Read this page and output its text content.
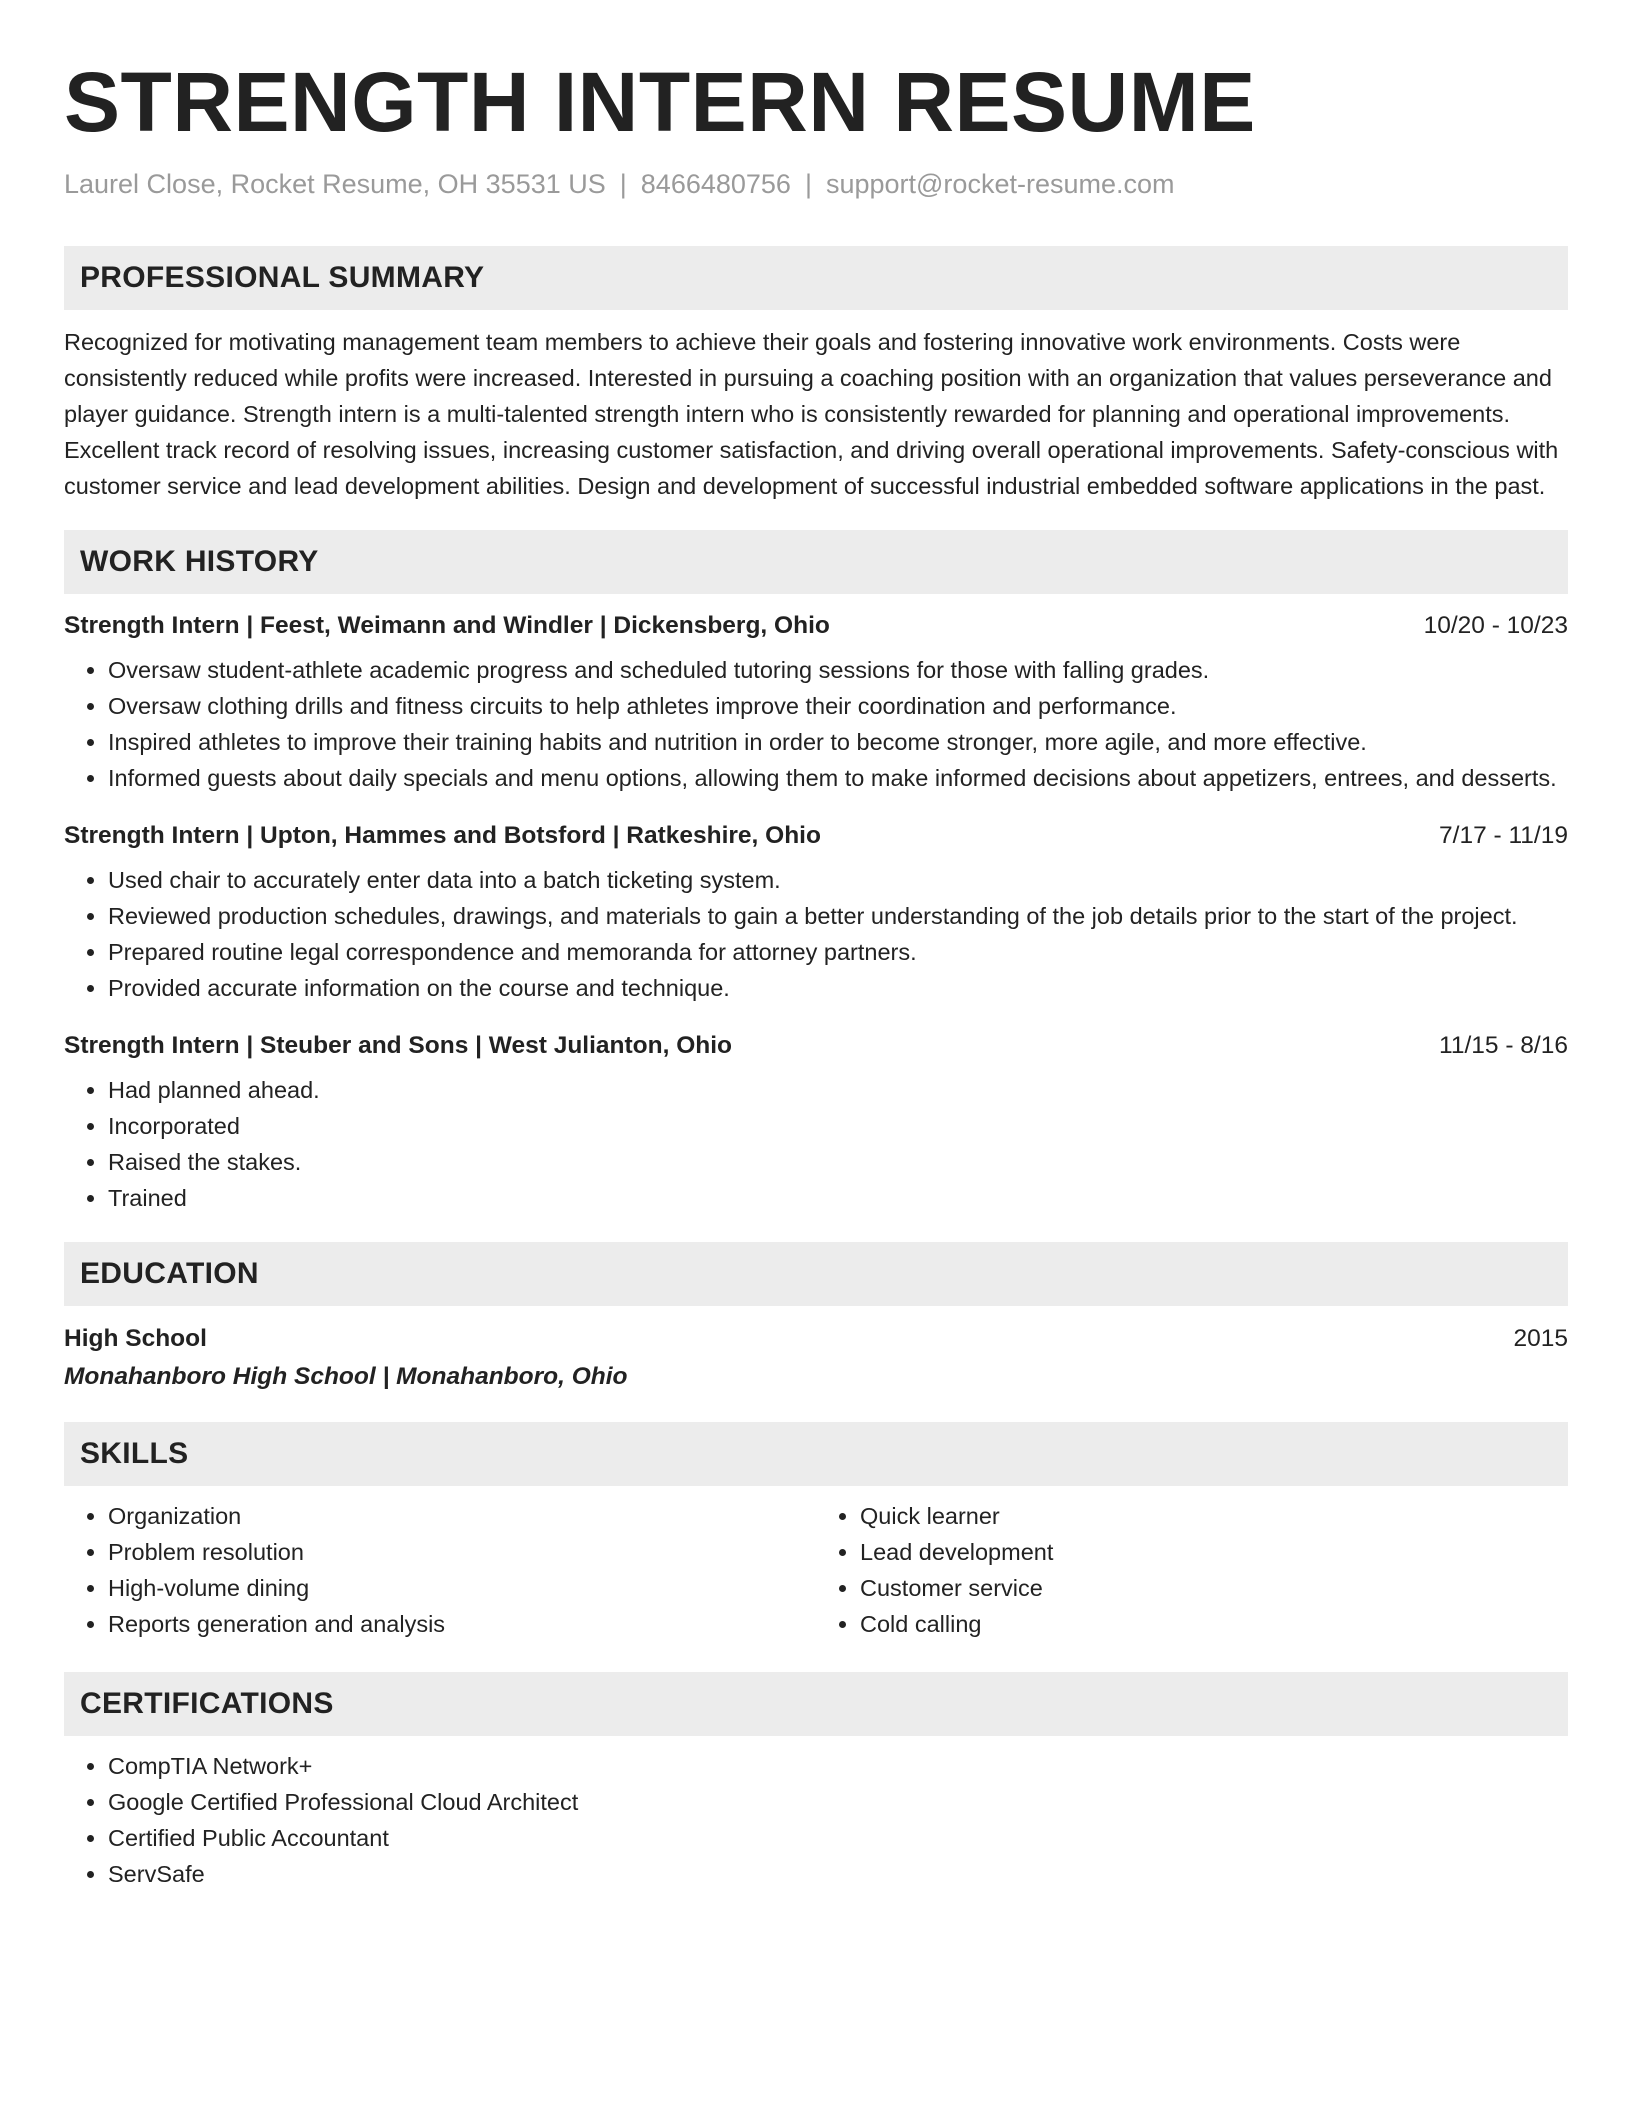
STRENGTH INTERN RESUME
Laurel Close, Rocket Resume, OH 35531 US | 8466480756 | support@rocket-resume.com
PROFESSIONAL SUMMARY

Recognized for motivating management team members to achieve their goals and fostering innovative work environments. Costs were consistently reduced while profits were increased. Interested in pursuing a coaching position with an organization that values perseverance and player guidance. Strength intern is a multi-talented strength intern who is consistently rewarded for planning and operational improvements. Excellent track record of resolving issues, increasing customer satisfaction, and driving overall operational improvements. Safety-conscious with customer service and lead development abilities. Design and development of successful industrial embedded software applications in the past.

WORK HISTORY
Strength Intern | Feest, Weimann and Windler | Dickensberg, Ohio	10/20 - 10/23
• Oversaw student-athlete academic progress and scheduled tutoring sessions for those with falling grades.
• Oversaw clothing drills and fitness circuits to help athletes improve their coordination and performance.
• Inspired athletes to improve their training habits and nutrition in order to become stronger, more agile, and more effective.
• Informed guests about daily specials and menu options, allowing them to make informed decisions about appetizers, entrees, and desserts.
Strength Intern | Upton, Hammes and Botsford | Ratkeshire, Ohio	7/17 - 11/19
• Used chair to accurately enter data into a batch ticketing system.
• Reviewed production schedules, drawings, and materials to gain a better understanding of the job details prior to the start of the project.
• Prepared routine legal correspondence and memoranda for attorney partners.
• Provided accurate information on the course and technique.
Strength Intern | Steuber and Sons | West Julianton, Ohio	11/15 - 8/16
• Had planned ahead.
• Incorporated
• Raised the stakes.
• Trained
EDUCATION
High School	2015
Monahanboro High School | Monahanboro, Ohio
SKILLS
• Organization
• Problem resolution
• High-volume dining
• Reports generation and analysis
• Quick learner
• Lead development
• Customer service
• Cold calling
CERTIFICATIONS
• CompTIA Network+
• Google Certified Professional Cloud Architect
• Certified Public Accountant
• ServSafe
